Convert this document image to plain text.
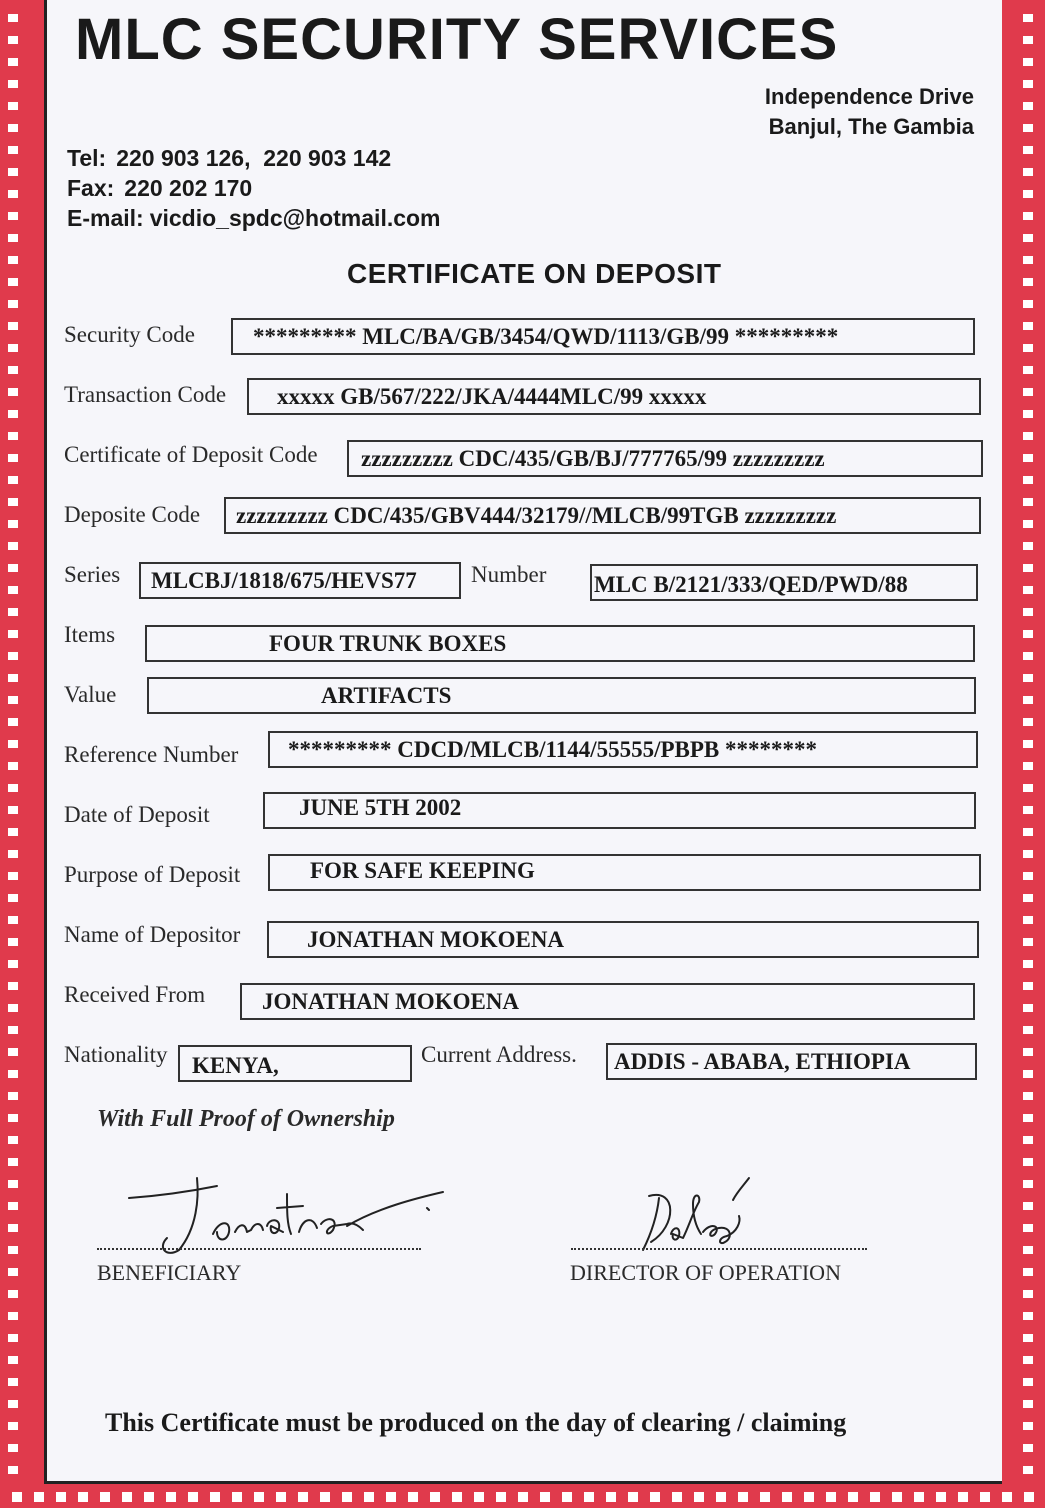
MLC SECURITY SERVICES
Independence Drive
Banjul, The Gambia
Tel: 220 903 126,  220 903 142
Fax: 220 202 170
E-mail: vicdio_spdc@hotmail.com
CERTIFICATE ON DEPOSIT
Security Code	********* MLC/BA/GB/3454/QWD/1113/GB/99 *********
Transaction Code	xxxxx GB/567/222/JKA/4444MLC/99 xxxxx
Certificate of Deposit Code	zzzzzzzzz CDC/435/GB/BJ/777765/99 zzzzzzzzz
Deposite Code	zzzzzzzzz CDC/435/GBV444/32179//MLCB/99TGB zzzzzzzzz
Series	MLCBJ/1818/675/HEVS77	Number MLC B/2121/333/QED/PWD/88
Items	FOUR TRUNK BOXES
Value	ARTIFACTS
Reference Number	********* CDCD/MLCB/1144/55555/PBPB ********
Date of Deposit	JUNE 5TH 2002
Purpose of Deposit	FOR SAFE KEEPING
Name of Depositor	JONATHAN MOKOENA
Received From	JONATHAN MOKOENA
Nationality	KENYA,	Current Address.	ADDIS - ABABA, ETHIOPIA
With Full Proof of Ownership
BENEFICIARY	DIRECTOR OF OPERATION
This Certificate must be produced on the day of clearing / claiming
